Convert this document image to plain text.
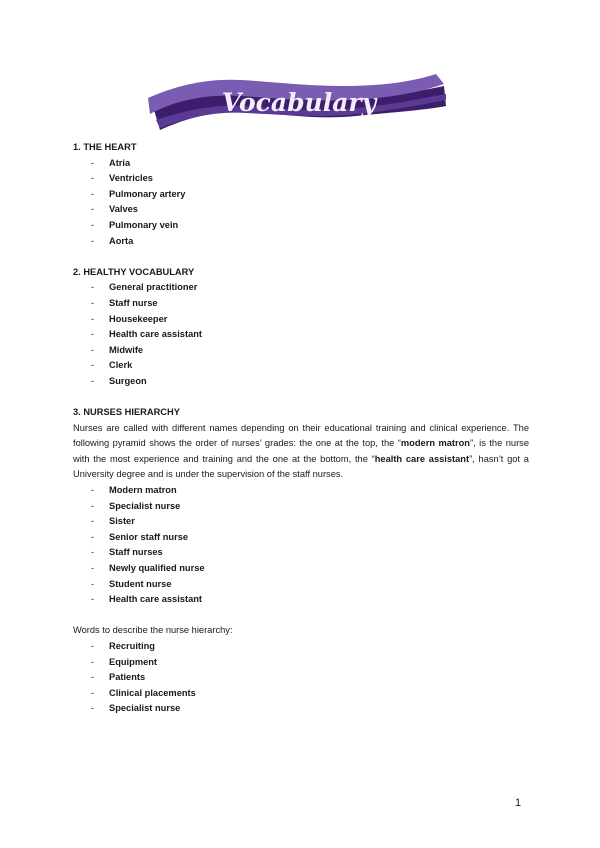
Vocabulary

1. THE HEART

- Atria
- Ventricles
- Pulmonary artery
- Valves
- Pulmonary vein
- Aorta

2. HEALTHY VOCABULARY

- General practitioner
- Staff nurse
- Housekeeper
- Health care assistant
- Midwife
- Clerk
- Surgeon

3. NURSES HIERARCHY

Nurses are called with different names depending on their educational training and clinical experience. The following pyramid shows the order of nurses’ grades: the one at the top, the “modern matron”, is the nurse with the most experience and training and the one at the bottom, the “health care assistant”, hasn’t got a University degree and is under the supervision of the staff nurses.

- Modern matron
- Specialist nurse
- Sister
- Senior staff nurse
- Staff nurses
- Newly qualified nurse
- Student nurse
- Health care assistant

Words to describe the nurse hierarchy:

- Recruiting
- Equipment
- Patients
- Clinical placements
- Specialist nurse
1
